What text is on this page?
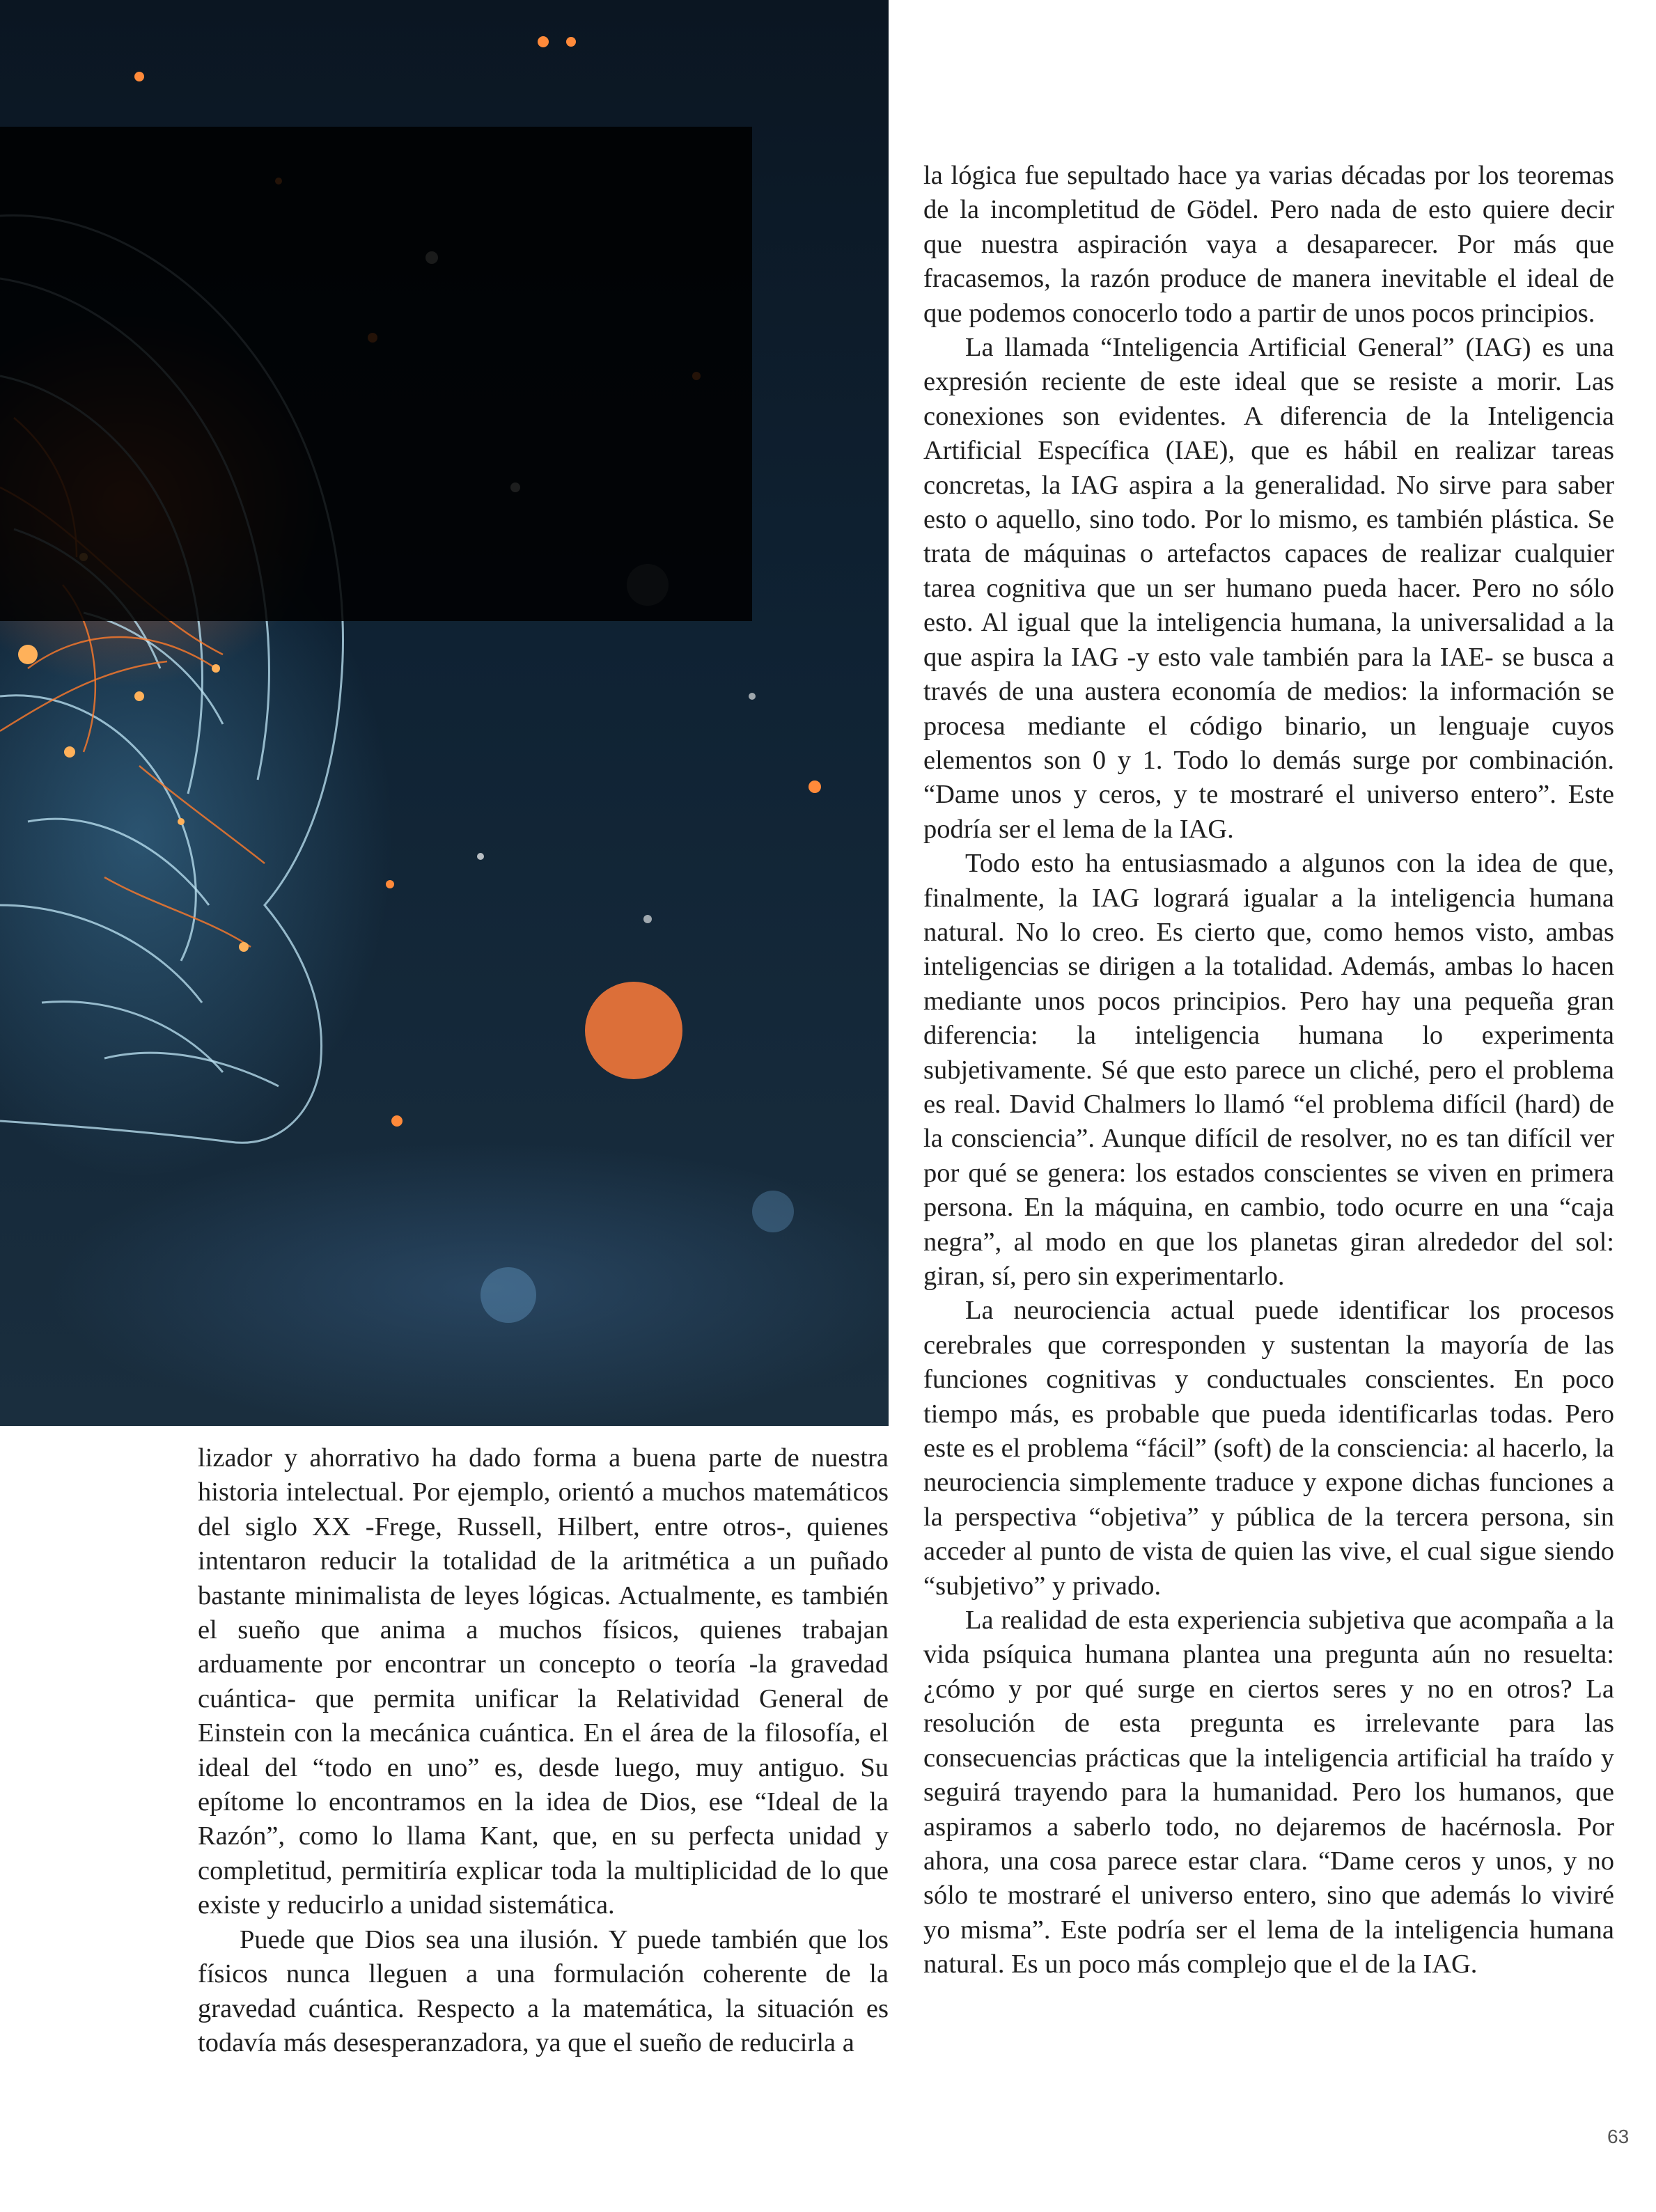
lizador y ahorrativo ha dado forma a buena parte de nuestra historia intelectual. Por ejemplo, orientó a muchos matemáticos del siglo XX -Frege, Russell, Hilbert, entre otros-, quienes intentaron reducir la totalidad de la aritmética a un puñado bastante minimalista de leyes lógicas. Actualmente, es también el sueño que anima a muchos físicos, quienes trabajan arduamente por encontrar un concepto o teoría -la gravedad cuántica- que permita unificar la Relatividad General de Einstein con la mecánica cuántica. En el área de la filosofía, el ideal del “todo en uno” es, desde luego, muy antiguo. Su epítome lo encontramos en la idea de Dios, ese “Ideal de la Razón”, como lo llama Kant, que, en su perfecta unidad y completitud, permitiría explicar toda la multiplicidad de lo que existe y reducirlo a unidad sistemática.

Puede que Dios sea una ilusión. Y puede también que los físicos nunca lleguen a una formulación coherente de la gravedad cuántica. Respecto a la matemática, la situación es todavía más desesperanzadora, ya que el sueño de reducirla a

la lógica fue sepultado hace ya varias décadas por los teoremas de la incompletitud de Gödel. Pero nada de esto quiere decir que nuestra aspiración vaya a desaparecer. Por más que fracasemos, la razón produce de manera inevitable el ideal de que podemos conocerlo todo a partir de unos pocos principios.

La llamada “Inteligencia Artificial General” (IAG) es una expresión reciente de este ideal que se resiste a morir. Las conexiones son evidentes. A diferencia de la Inteligencia Artificial Específica (IAE), que es hábil en realizar tareas concretas, la IAG aspira a la generalidad. No sirve para saber esto o aquello, sino todo. Por lo mismo, es también plástica. Se trata de máquinas o artefactos capaces de realizar cualquier tarea cognitiva que un ser humano pueda hacer. Pero no sólo esto. Al igual que la inteligencia humana, la universalidad a la que aspira la IAG -y esto vale también para la IAE- se busca a través de una austera economía de medios: la información se procesa mediante el código binario, un lenguaje cuyos elementos son 0 y 1. Todo lo demás surge por combinación. “Dame unos y ceros, y te mostraré el universo entero”. Este podría ser el lema de la IAG.

Todo esto ha entusiasmado a algunos con la idea de que, finalmente, la IAG logrará igualar a la inteligencia humana natural. No lo creo. Es cierto que, como hemos visto, ambas inteligencias se dirigen a la totalidad. Además, ambas lo hacen mediante unos pocos principios. Pero hay una pequeña gran diferencia: la inteligencia humana lo experimenta subjetivamente. Sé que esto parece un cliché, pero el problema es real. David Chalmers lo llamó “el problema difícil (hard) de la consciencia”. Aunque difícil de resolver, no es tan difícil ver por qué se genera: los estados conscientes se viven en primera persona. En la máquina, en cambio, todo ocurre en una “caja negra”, al modo en que los planetas giran alrededor del sol: giran, sí, pero sin experimentarlo.

La neurociencia actual puede identificar los procesos cerebrales que corresponden y sustentan la mayoría de las funciones cognitivas y conductuales conscientes. En poco tiempo más, es probable que pueda identificarlas todas. Pero este es el problema “fácil” (soft) de la consciencia: al hacerlo, la neurociencia simplemente traduce y expone dichas funciones a la perspectiva “objetiva” y pública de la tercera persona, sin acceder al punto de vista de quien las vive, el cual sigue siendo “subjetivo” y privado.

La realidad de esta experiencia subjetiva que acompaña a la vida psíquica humana plantea una pregunta aún no resuelta: ¿cómo y por qué surge en ciertos seres y no en otros? La resolución de esta pregunta es irrelevante para las consecuencias prácticas que la inteligencia artificial ha traído y seguirá trayendo para la humanidad. Pero los humanos, que aspiramos a saberlo todo, no dejaremos de hacérnosla. Por ahora, una cosa parece estar clara. “Dame ceros y unos, y no sólo te mostraré el universo entero, sino que además lo viviré yo misma”. Este podría ser el lema de la inteligencia humana natural. Es un poco más complejo que el de la IAG.

63
